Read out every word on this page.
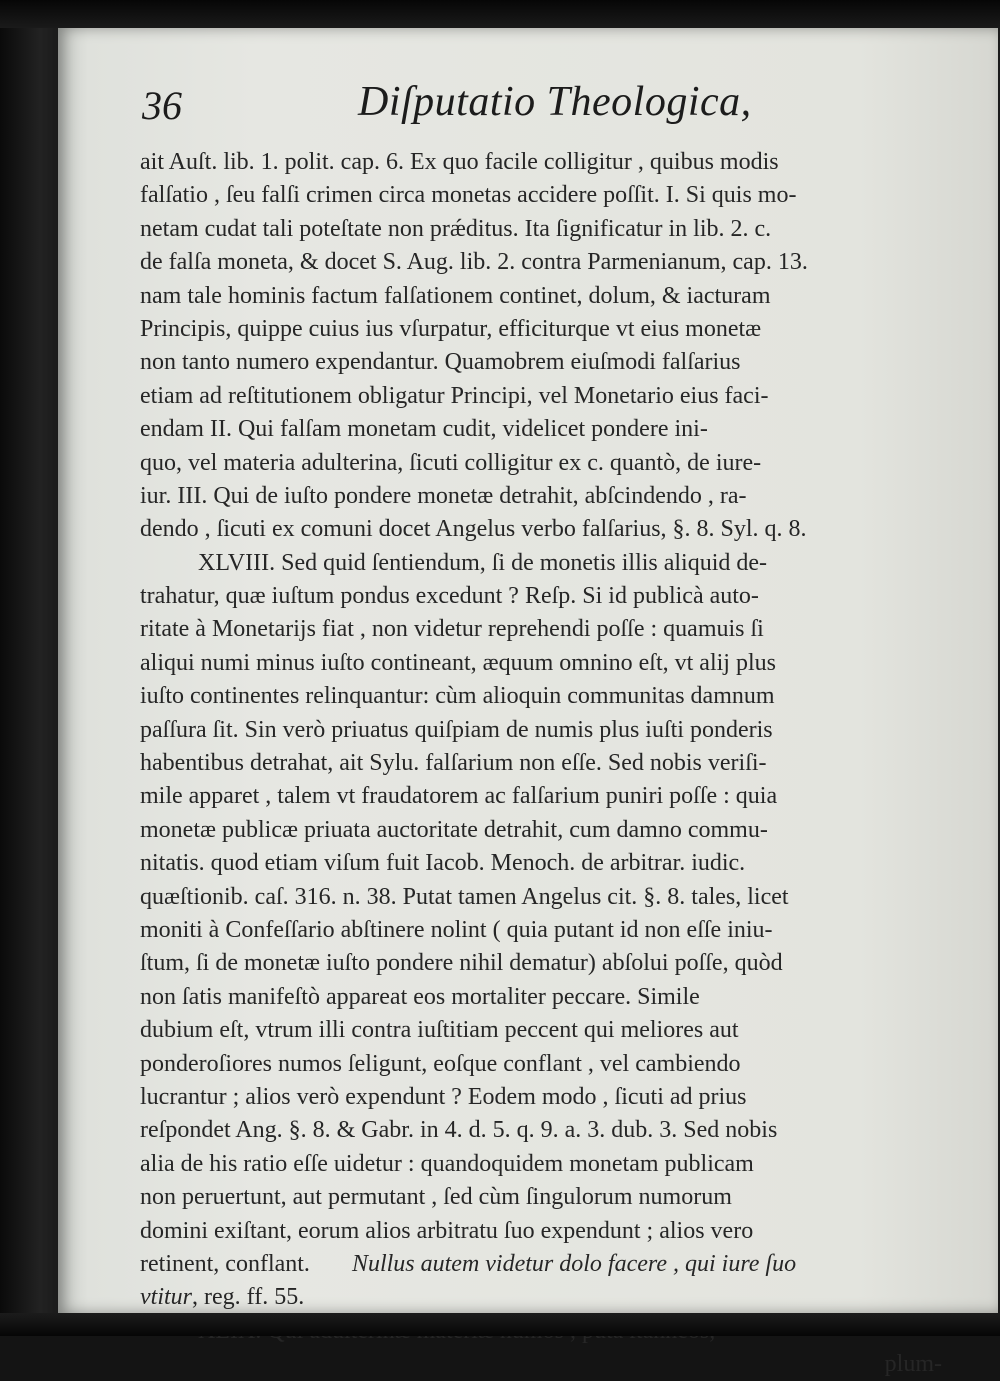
36	Diſputatio Theologica,
ait Auſt. lib. 1. polit. cap. 6. Ex quo facile colligitur , quibus modis
falſatio , ſeu falſi crimen circa monetas accidere poſſit. I. Si quis mo-
netam cudat tali poteſtate non prǽditus. Ita ſignificatur in lib. 2. c.
de falſa moneta, & docet S. Aug. lib. 2. contra Parmenianum, cap. 13.
nam tale hominis factum falſationem continet, dolum, & iacturam
Principis, quippe cuius ius vſurpatur, efficiturque vt eius monetæ
non tanto numero expendantur. Quamobrem eiuſmodi falſarius
etiam ad reſtitutionem obligatur Principi, vel Monetario eius faci-
endam II. Qui falſam monetam cudit, videlicet pondere ini-
quo, vel materia adulterina, ſicuti colligitur ex c. quantò, de iure-
iur. III. Qui de iuſto pondere monetæ detrahit, abſcindendo , ra-
dendo , ſicuti ex comuni docet Angelus verbo falſarius, §. 8. Syl. q. 8.
XLVIII. Sed quid ſentiendum, ſi de monetis illis aliquid de-
trahatur, quæ iuſtum pondus excedunt ? Reſp. Si id publicà auto-
ritate à Monetarijs fiat , non videtur reprehendi poſſe : quamuis ſi
aliqui numi minus iuſto contineant, æquum omnino eſt, vt alij plus
iuſto continentes relinquantur: cùm alioquin communitas damnum
paſſura ſit. Sin verò priuatus quiſpiam de numis plus iuſti ponderis
habentibus detrahat, ait Sylu. falſarium non eſſe. Sed nobis veriſi-
mile apparet , talem vt fraudatorem ac falſarium puniri poſſe : quia
monetæ publicæ priuata auctoritate detrahit, cum damno commu-
nitatis. quod etiam viſum fuit Iacob. Menoch. de arbitrar. iudic.
quæſtionib. caſ. 316. n. 38. Putat tamen Angelus cit. §. 8. tales, licet
moniti à Confeſſario abſtinere nolint ( quia putant id non eſſe iniu-
ſtum, ſi de monetæ iuſto pondere nihil dematur) abſolui poſſe, quòd
non ſatis manifeſtò appareat eos mortaliter peccare. Simile
dubium eſt, vtrum illi contra iuſtitiam peccent qui meliores aut
ponderoſiores numos ſeligunt, eoſque conflant , vel cambiendo
lucrantur ; alios verò expendunt ? Eodem modo , ſicuti ad prius
reſpondet Ang. §. 8. & Gabr. in 4. d. 5. q. 9. a. 3. dub. 3. Sed nobis
alia de his ratio eſſe uidetur : quandoquidem monetam publicam
non peruertunt, aut permutant , ſed cùm ſingulorum numorum
domini exiſtant, eorum alios arbitratu ſuo expendunt ; alios vero
retinent, conflant. Nullus autem videtur dolo facere , qui iure ſuo
vtitur, reg. ff. 55.
plum-
